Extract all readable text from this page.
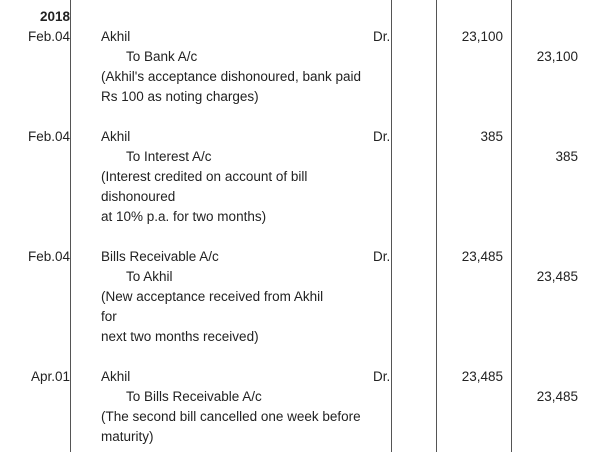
2018
Feb.04 Akhil	Dr.	23,100
To Bank A/c	23,100
(Akhil's acceptance dishonoured, bank paid
Rs 100 as noting charges)
Feb.04 Akhil	Dr.	385
To Interest A/c	385
(Interest credited on account of bill
dishonoured
at 10% p.a. for two months)
Feb.04 Bills Receivable A/c	Dr.	23,485
To Akhil	23,485
(New acceptance received from Akhil
for
next two months received)
Apr.01 Akhil	Dr.	23,485
To Bills Receivable A/c	23,485
(The second bill cancelled one week before
maturity)
